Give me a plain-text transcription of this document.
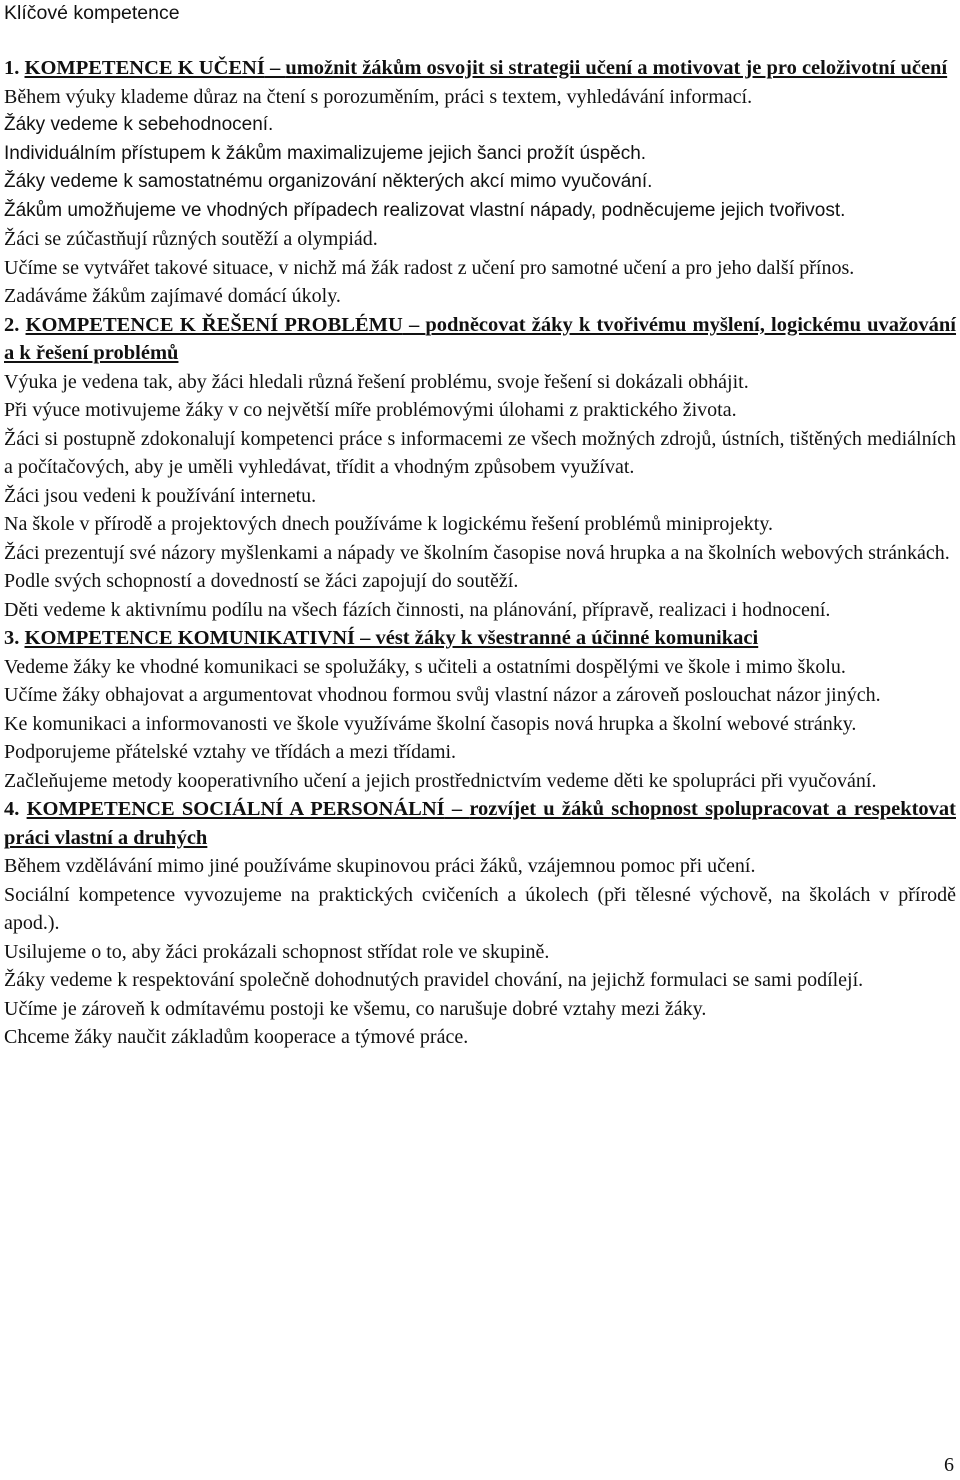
Klíčové kompetence
1. KOMPETENCE K UČENÍ – umožnit žákům osvojit si strategii učení a motivovat je pro celoživotní učení
Během výuky klademe důraz na čtení s porozuměním, práci s textem, vyhledávání informací.
Žáky vedeme k sebehodnocení.
Individuálním přístupem k žákům maximalizujeme jejich šanci prožít úspěch.
Žáky vedeme k samostatnému organizování některých akcí mimo vyučování.
Žákům umožňujeme ve vhodných případech realizovat vlastní nápady, podněcujeme jejich tvořivost.
Žáci se zúčastňují různých soutěží a olympiád.
Učíme se vytvářet takové situace, v nichž má žák radost z učení pro samotné učení a pro jeho další přínos.
Zadáváme žákům zajímavé domácí úkoly.
2. KOMPETENCE K ŘEŠENÍ PROBLÉMU – podněcovat žáky k tvořivému myšlení, logickému uvažování a k řešení problémů
Výuka je vedena tak, aby žáci hledali různá řešení problému, svoje řešení si dokázali obhájit.
Při výuce motivujeme žáky v co největší míře problémovými úlohami z praktického života.
Žáci si postupně zdokonalují kompetenci práce s informacemi ze všech možných zdrojů, ústních, tištěných mediálních a počítačových, aby je uměli vyhledávat, třídit a vhodným způsobem využívat.
Žáci jsou vedeni k používání internetu.
Na škole v přírodě a projektových dnech používáme k logickému řešení problémů miniprojekty.
Žáci prezentují své názory myšlenkami a nápady ve školním časopise nová hrupka a na školních webových stránkách.
Podle svých schopností a dovedností se žáci zapojují do soutěží.
Děti vedeme k aktivnímu podílu na všech fázích činnosti, na plánování, přípravě, realizaci i hodnocení.
3. KOMPETENCE KOMUNIKATIVNÍ – vést žáky k všestranné a účinné komunikaci
Vedeme žáky ke vhodné komunikaci se spolužáky, s učiteli a ostatními dospělými ve škole i mimo školu.
Učíme žáky obhajovat a argumentovat vhodnou formou svůj vlastní názor a zároveň poslouchat názor jiných.
Ke komunikaci a informovanosti ve škole využíváme školní časopis nová hrupka a školní webové stránky.
Podporujeme přátelské vztahy ve třídách a mezi třídami.
Začleňujeme metody kooperativního učení a jejich prostřednictvím vedeme děti ke spolupráci při vyučování.
4. KOMPETENCE SOCIÁLNÍ A PERSONÁLNÍ – rozvíjet u žáků schopnost spolupracovat a respektovat práci vlastní a druhých
Během vzdělávání mimo jiné používáme skupinovou práci žáků, vzájemnou pomoc při učení.
Sociální kompetence vyvozujeme na praktických cvičeních a úkolech (při tělesné výchově, na školách v přírodě apod.).
Usilujeme o to, aby žáci prokázali schopnost střídat role ve skupině.
Žáky vedeme k respektování společně dohodnutých pravidel chování, na jejichž formulaci se sami podílejí.
Učíme je zároveň k odmítavému postoji ke všemu, co narušuje dobré vztahy mezi žáky.
Chceme žáky naučit základům kooperace a týmové práce.
6
